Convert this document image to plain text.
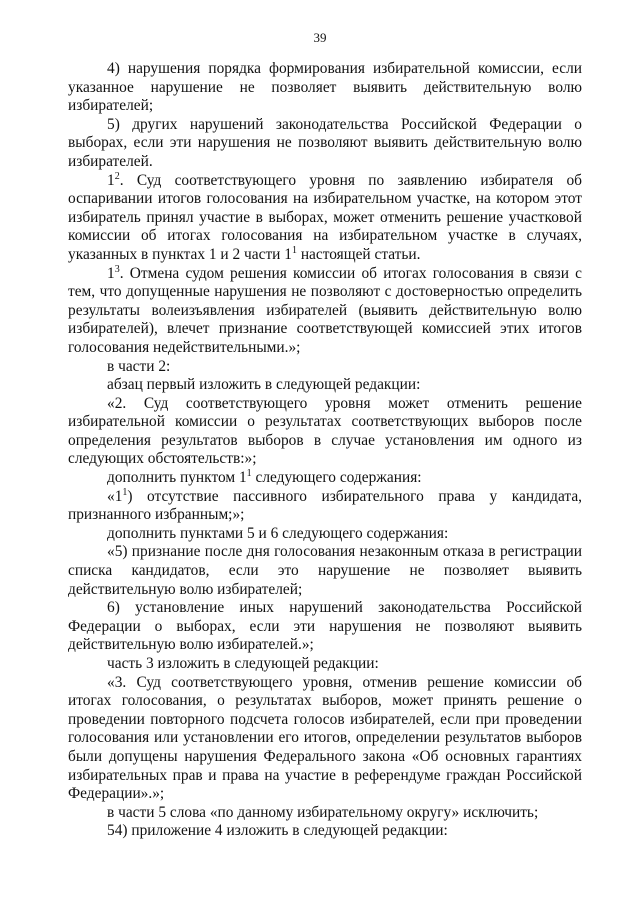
39

4) нарушения порядка формирования избирательной комиссии, если указанное нарушение не позволяет выявить действительную волю избирателей;

5) других нарушений законодательства Российской Федерации о выборах, если эти нарушения не позволяют выявить действительную волю избирателей.

$1^2$. Суд соответствующего уровня по заявлению избирателя об оспаривании итогов голосования на избирательном участке, на котором этот избиратель принял участие в выборах, может отменить решение участковой комиссии об итогах голосования на избирательном участке в случаях, указанных в пунктах 1 и 2 части $1^1$ настоящей статьи.

$1^3$. Отмена судом решения комиссии об итогах голосования в связи с тем, что допущенные нарушения не позволяют с достоверностью определить результаты волеизъявления избирателей (выявить действительную волю избирателей), влечет признание соответствующей комиссией этих итогов голосования недействительными.»;

в части 2:

абзац первый изложить в следующей редакции:

«2. Суд соответствующего уровня может отменить решение избирательной комиссии о результатах соответствующих выборов после определения результатов выборов в случае установления им одного из следующих обстоятельств:»;

дополнить пунктом $1^1$ следующего содержания:

«$1^1$) отсутствие пассивного избирательного права у кандидата, признанного избранным;»;

дополнить пунктами 5 и 6 следующего содержания:

«5) признание после дня голосования незаконным отказа в регистрации списка кандидатов, если это нарушение не позволяет выявить действительную волю избирателей;

6) установление иных нарушений законодательства Российской Федерации о выборах, если эти нарушения не позволяют выявить действительную волю избирателей.»;

часть 3 изложить в следующей редакции:

«3. Суд соответствующего уровня, отменив решение комиссии об итогах голосования, о результатах выборов, может принять решение о проведении повторного подсчета голосов избирателей, если при проведении голосования или установлении его итогов, определении результатов выборов были допущены нарушения Федерального закона «Об основных гарантиях избирательных прав и права на участие в референдуме граждан Российской Федерации».»;

в части 5 слова «по данному избирательному округу» исключить;

54) приложение 4 изложить в следующей редакции:
